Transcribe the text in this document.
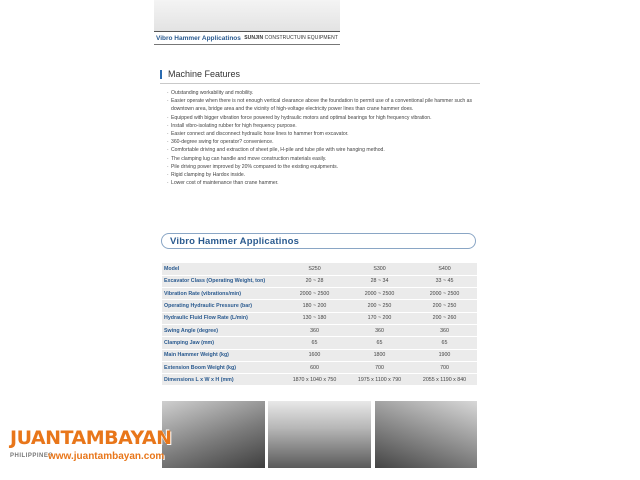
Vibro Hammer Applicatinos SUNJIN CONSTRUCTUIN EQUIPMENT
Machine Features
· Outstanding workability and mobility.
· Easier operate when there is not enough vertical clearance above the foundation to permit use of a conventional pile hammer such as downtown area, bridge area and the vicinity of high-voltage electricity power lines than crane hammer does.
· Equipped with bigger vibration force powered by hydraulic motors and optimal bearings for high frequency vibration.
· Install vibro-isolating rubber for high frequency purpose.
· Easier connect and disconnect hydraulic hose lines to hammer from excavator.
· 360-degree swing for operator? convenience.
· Comfortable driving and extraction of sheet pile, H-pile and tube pile with wire hanging method.
· The clamping lug can handle and move construction materials easily.
· Pile driving power improved by 20% compared to the existing equipments.
· Rigid clamping by Hardox inside.
· Lower cost of maintenance than crane hammer.
Vibro Hammer Applicatinos
Model	S250	S300	S400
Excavator Class (Operating Weight, ton)	20 ~ 28	28 ~ 34	33 ~ 45
Vibration Rate (vibrations/min)	2000 ~ 2500	2000 ~ 2500	2000 ~ 2500
Operating Hydraulic Pressure (bar)	180 ~ 200	200 ~ 250	200 ~ 250
Hydraulic Fluid Flow Rate (L/min)	130 ~ 180	170 ~ 200	200 ~ 260
Swing Angle (degree)	360	360	360
Clamping Jaw (mm)	65	65	65
Main Hammer Weight (kg)	1600	1800	1900
Extension Boom Weight (kg)	600	700	700
Dimensions L x W x H (mm)	1870 x 1040 x 750	1975 x 1100 x 790	2055 x 1190 x 840
JUANTAMBAYAN
PHILIPPINES
www.juantambayan.com
